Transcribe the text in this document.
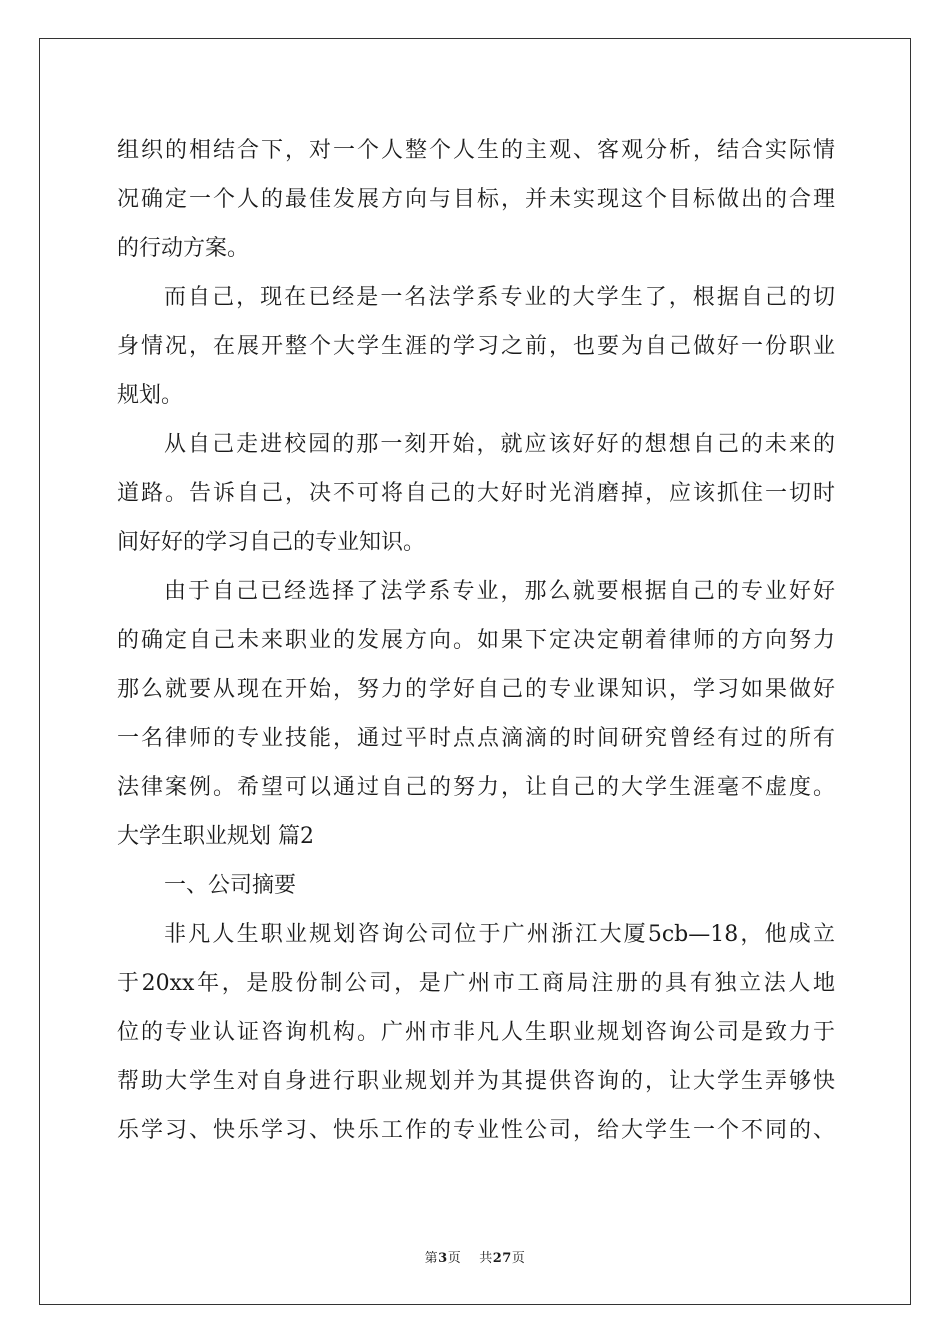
组织的相结合下，对一个人整个人生的主观、客观分析，结合实际情
况确定一个人的最佳发展方向与目标，并未实现这个目标做出的合理
的行动方案。
而自己，现在已经是一名法学系专业的大学生了，根据自己的切
身情况，在展开整个大学生涯的学习之前，也要为自己做好一份职业
规划。
从自己走进校园的那一刻开始，就应该好好的想想自己的未来的
道路。告诉自己，决不可将自己的大好时光消磨掉，应该抓住一切时
间好好的学习自己的专业知识。
由于自己已经选择了法学系专业，那么就要根据自己的专业好好
的确定自己未来职业的发展方向。如果下定决定朝着律师的方向努力
那么就要从现在开始，努力的学好自己的专业课知识，学习如果做好
一名律师的专业技能，通过平时点点滴滴的时间研究曾经有过的所有
法律案例。希望可以通过自己的努力，让自己的大学生涯毫不虚度。
大学生职业规划 篇2
一、公司摘要
非凡人生职业规划咨询公司位于广州浙江大厦5cb—18，他成立
于20xx年，是股份制公司，是广州市工商局注册的具有独立法人地
位的专业认证咨询机构。广州市非凡人生职业规划咨询公司是致力于
帮助大学生对自身进行职业规划并为其提供咨询的，让大学生弄够快
乐学习、快乐学习、快乐工作的专业性公司，给大学生一个不同的、
第3页 共27页
